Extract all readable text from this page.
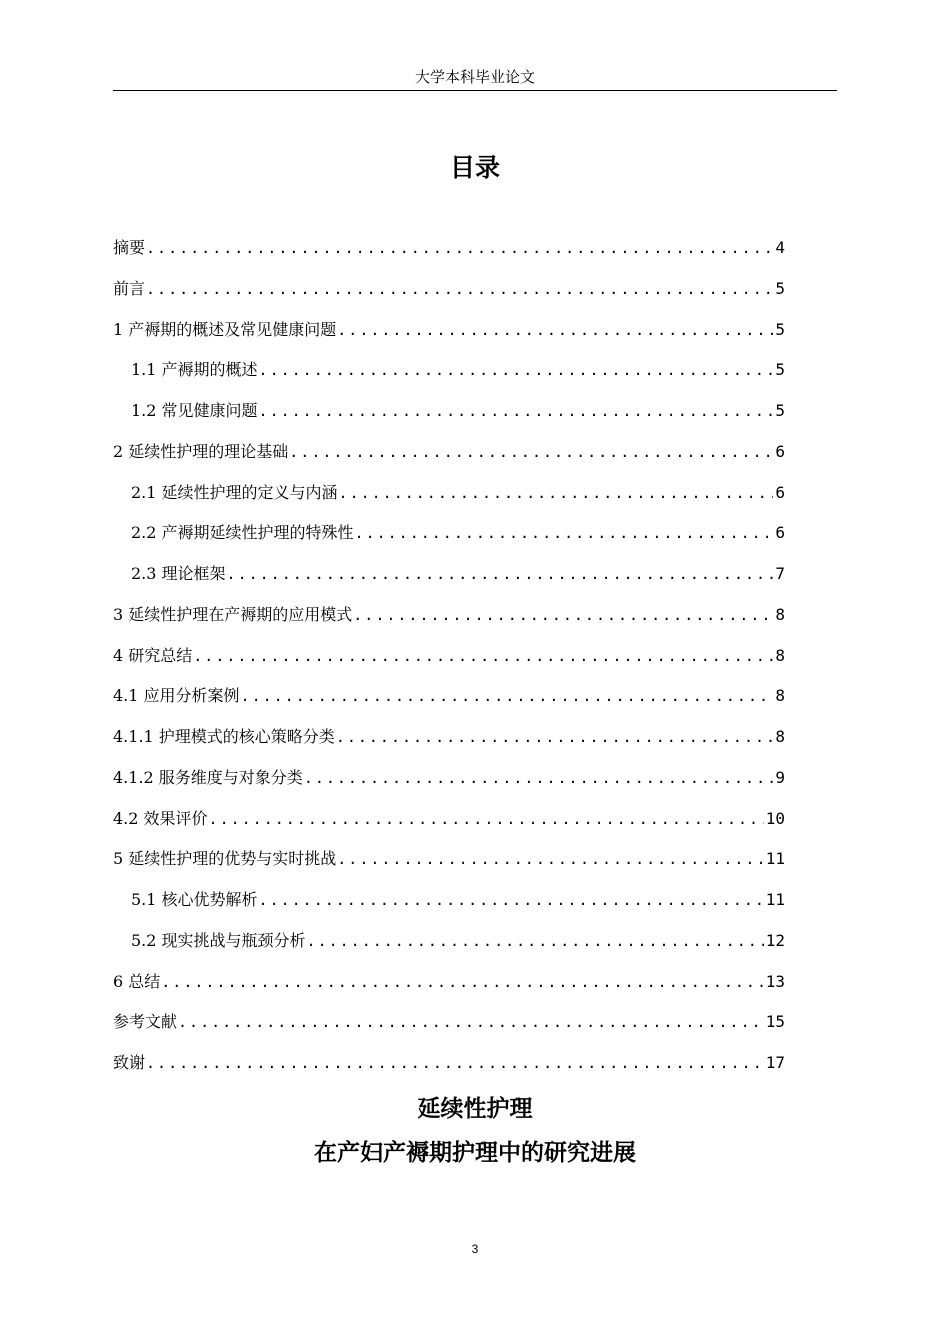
大学本科毕业论文
目录
摘要 .....	4
前言 .....	5
1 产褥期的概述及常见健康问题 .....	5
1.1 产褥期的概述 .....	5
1.2 常见健康问题 .....	5
2 延续性护理的理论基础 .....	6
2.1 延续性护理的定义与内涵 .....	6
2.2 产褥期延续性护理的特殊性 .....	6
2.3 理论框架 .....	7
3 延续性护理在产褥期的应用模式 .....	8
4 研究总结 .....	8
4.1 应用分析案例 .....	8
4.1.1 护理模式的核心策略分类 .....	8
4.1.2 服务维度与对象分类 .....	9
4.2 效果评价 .....	10
5 延续性护理的优势与实时挑战 .....	11
5.1 核心优势解析 .....	11
5.2 现实挑战与瓶颈分析 .....	12
6 总结 .....	13
参考文献 .....	15
致谢 .....	17
延续性护理
在产妇产褥期护理中的研究进展
3
